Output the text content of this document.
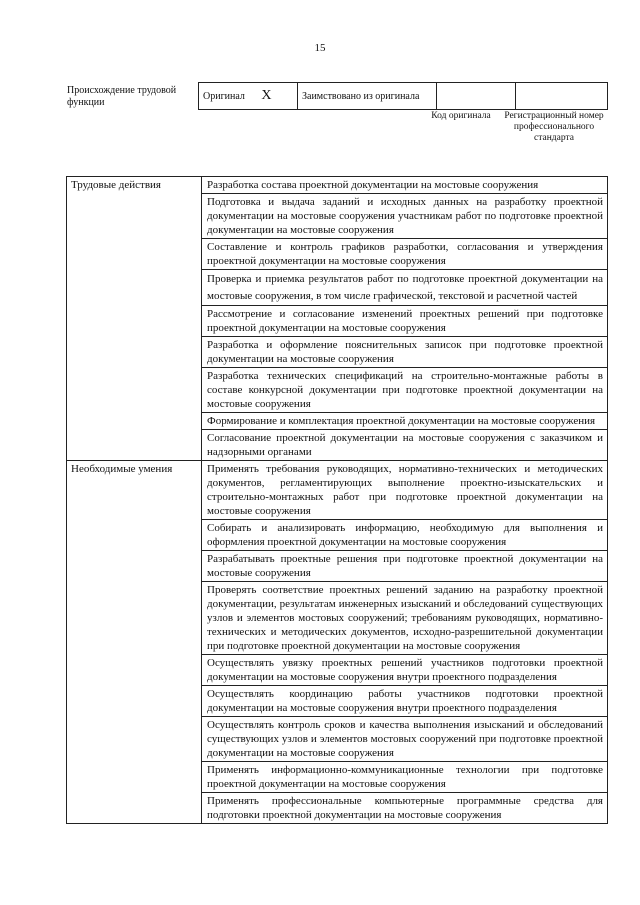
15
Происхождение трудовой функции
Оригинал X	Заимствовано из оригинала		
Код оригинала	Регистрационный номер профессионального стандарта
Трудовые действия	Разработка состава проектной документации на мостовые сооружения
	Подготовка и выдача заданий и исходных данных на разработку проектной документации на мостовые сооружения участникам работ по подготовке проектной документации на мостовые сооружения
	Составление и контроль графиков разработки, согласования и утверждения проектной документации на мостовые сооружения
	Проверка и приемка результатов работ по подготовке проектной документации на мостовые сооружения, в том числе графической, текстовой и расчетной частей
	Рассмотрение и согласование изменений проектных решений при подготовке проектной документации на мостовые сооружения
	Разработка и оформление пояснительных записок при подготовке проектной документации на мостовые сооружения
	Разработка технических спецификаций на строительно-монтажные работы в составе конкурсной документации при подготовке проектной документации на мостовые сооружения
	Формирование и комплектация проектной документации на мостовые сооружения
	Согласование проектной документации на мостовые сооружения с заказчиком и надзорными органами
Необходимые умения	Применять требования руководящих, нормативно-технических и методических документов, регламентирующих выполнение проектно-изыскательских и строительно-монтажных работ при подготовке проектной документации на мостовые сооружения
	Собирать и анализировать информацию, необходимую для выполнения и оформления проектной документации на мостовые сооружения
	Разрабатывать проектные решения при подготовке проектной документации на мостовые сооружения
	Проверять соответствие проектных решений заданию на разработку проектной документации, результатам инженерных изысканий и обследований существующих узлов и элементов мостовых сооружений; требованиям руководящих, нормативно-технических и методических документов, исходно-разрешительной документации при подготовке проектной документации на мостовые сооружения
	Осуществлять увязку проектных решений участников подготовки проектной документации на мостовые сооружения внутри проектного подразделения
	Осуществлять координацию работы участников подготовки проектной документации на мостовые сооружения внутри проектного подразделения
	Осуществлять контроль сроков и качества выполнения изысканий и обследований существующих узлов и элементов мостовых сооружений при подготовке проектной документации на мостовые сооружения
	Применять информационно-коммуникационные технологии при подготовке проектной документации на мостовые сооружения
	Применять профессиональные компьютерные программные средства для подготовки проектной документации на мостовые сооружения
